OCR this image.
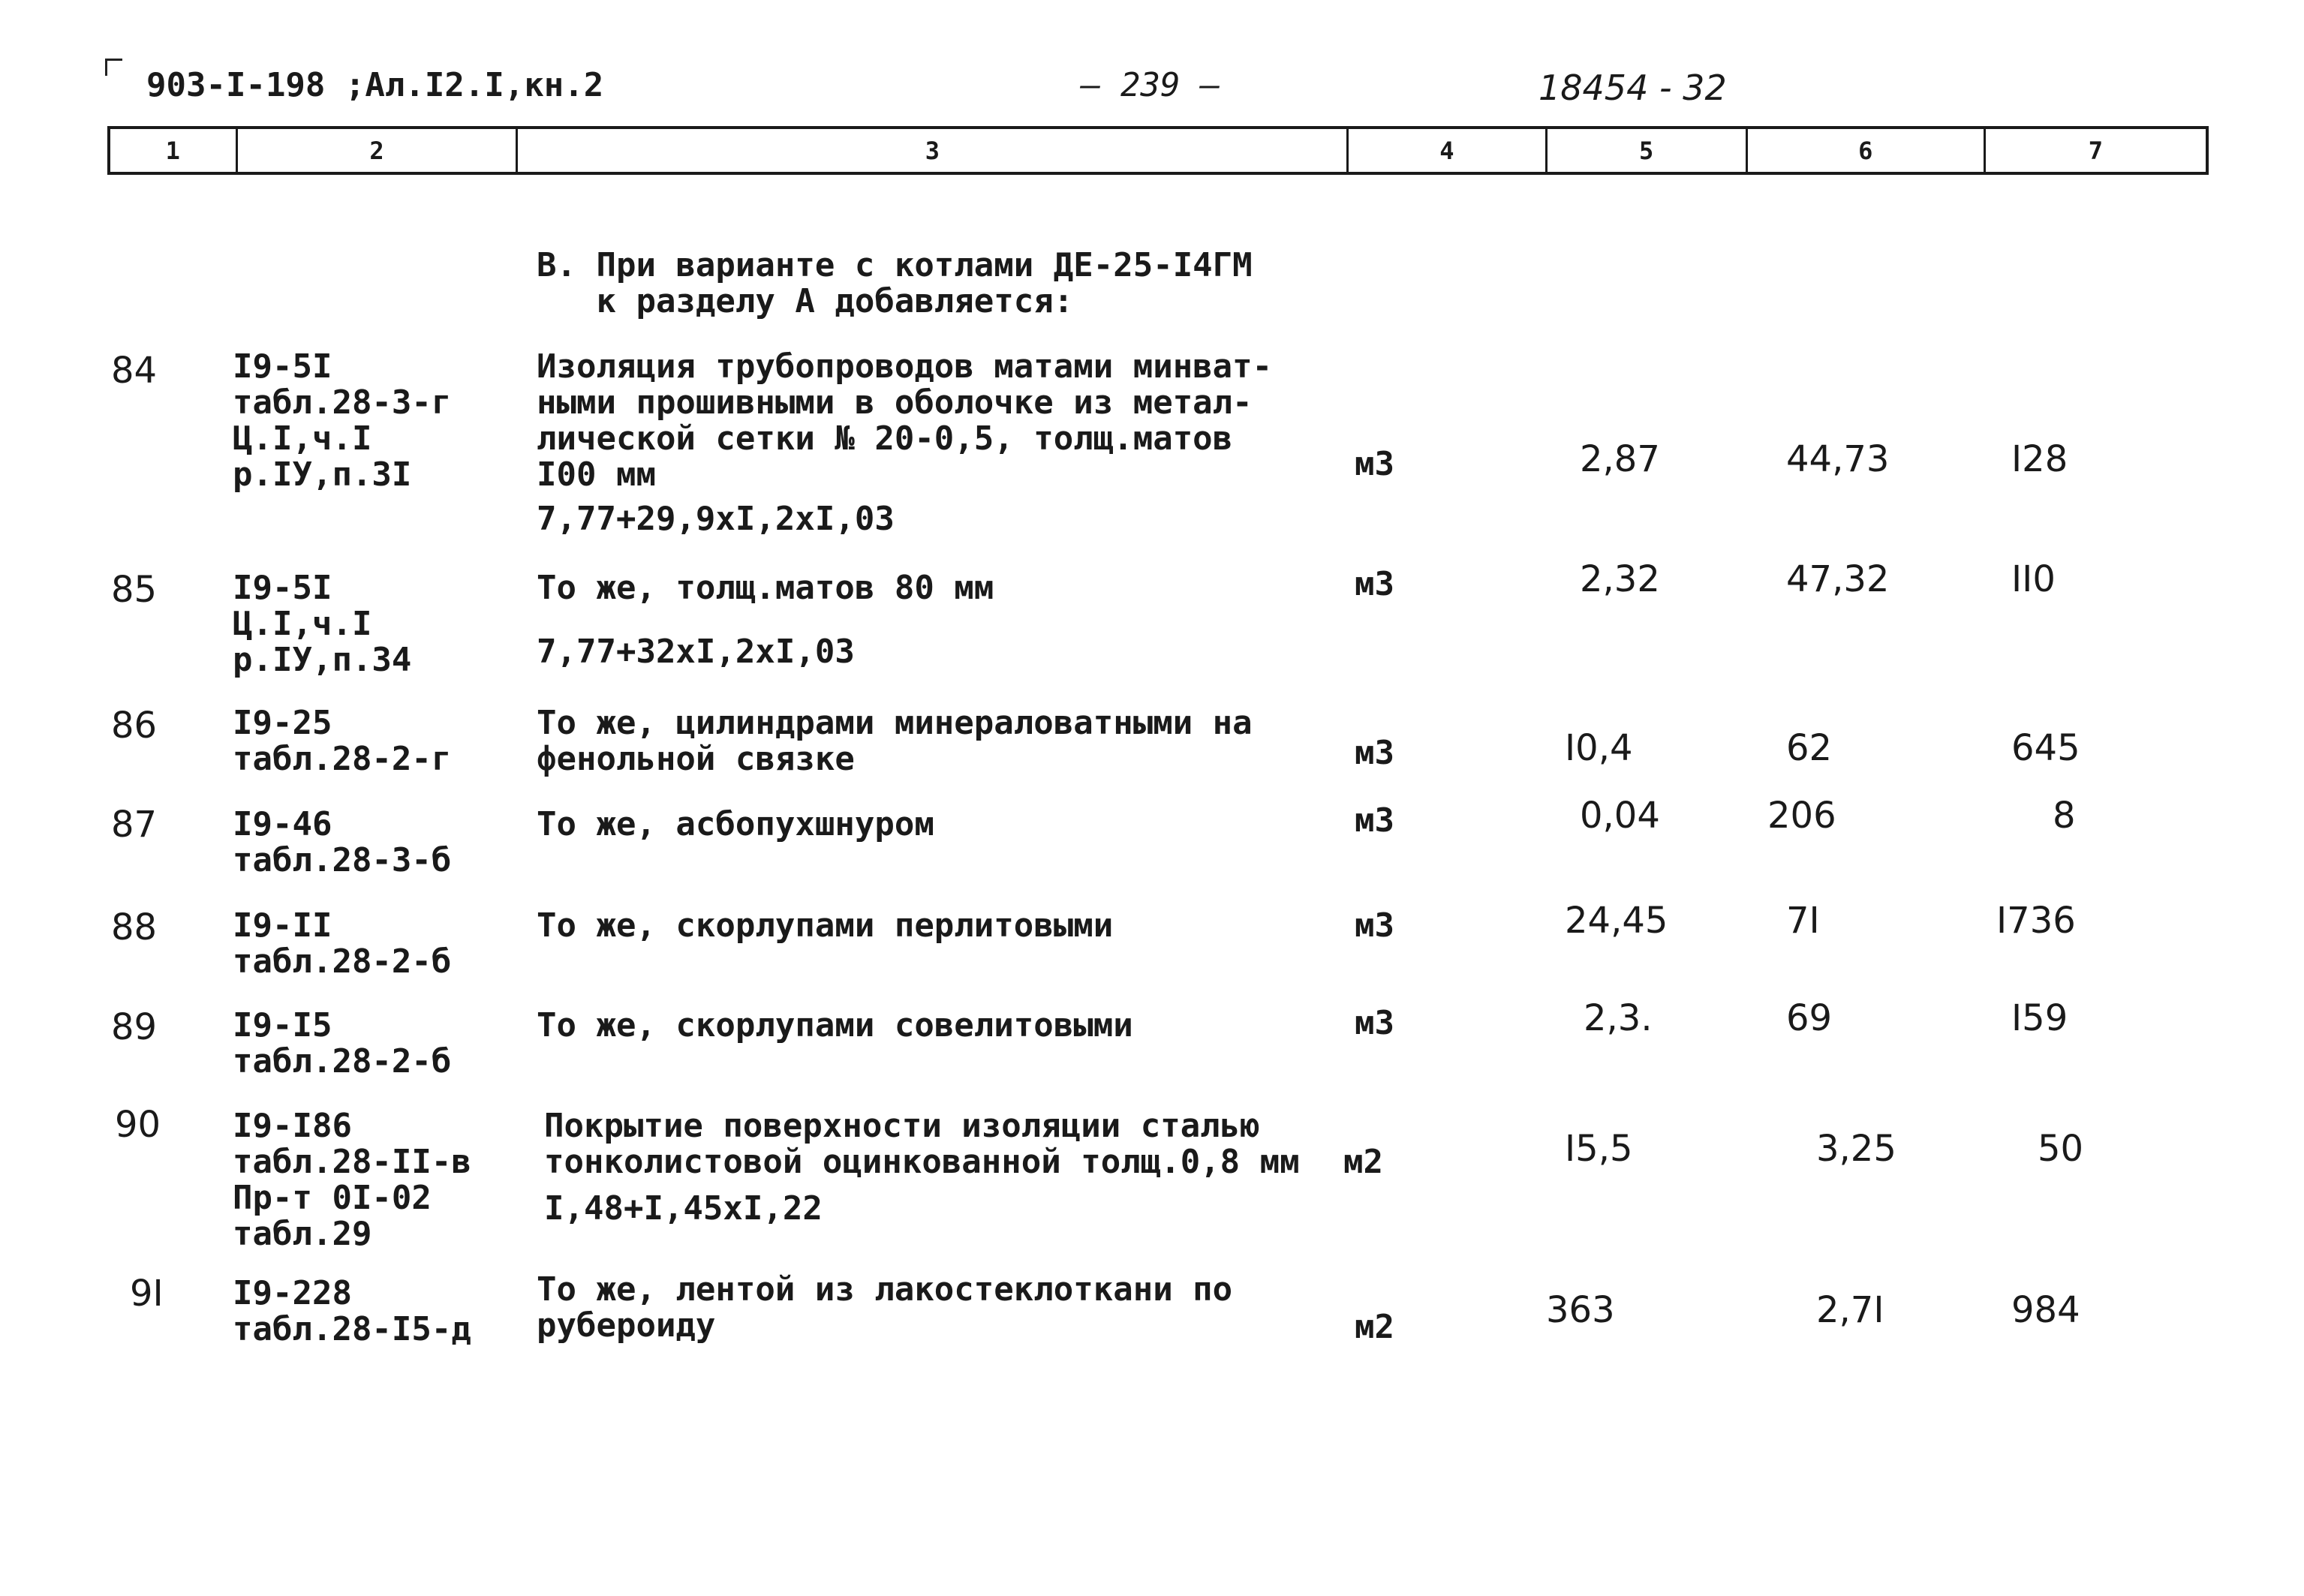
903-I-198 ;Ал.I2.I,кн.2	— 239 —	18454 - 32
1	2	3	4	5	6	7
В. При варианте с котлами ДЕ-25-I4ГМ
к разделу А добавляется:
84 I9-5I
табл.28-3-г
Ц.I,ч.I
р.IУ,п.3I
Изоляция трубопроводов матами минват-
ными прошивными в оболочке из метал-
лической сетки № 20-0,5, толщ.матов
I00 мм
7,77+29,9xI,2xI,03
м3	2,87	44,73	I28
85 I9-5I
Ц.I,ч.I
р.IУ,п.34
То же, толщ.матов 80 мм
7,77+32xI,2xI,03
м3	2,32	47,32	II0
86 I9-25
табл.28-2-г
То же, цилиндрами минераловатными на
фенольной связке	м3	I0,4	62	645
87 I9-46
табл.28-3-б
То же, асбопухшнуром	м3	0,04	206	8
88 I9-II
табл.28-2-б
То же, скорлупами перлитовыми	м3	24,45	7I	I736
89 I9-I5
табл.28-2-б
То же, скорлупами совелитовыми	м3	2,3.	69	I59
90 I9-I86
табл.28-II-в
Пр-т 0I-02
табл.29
Покрытие поверхности изоляции сталью
тонколистовой оцинкованной толщ.0,8 мм
I,48+I,45xI,22
м2	I5,5	3,25	50
9I I9-228
табл.28-I5-д
То же, лентой из лакостеклоткани по
рубероиду	м2	363	2,7I	984
